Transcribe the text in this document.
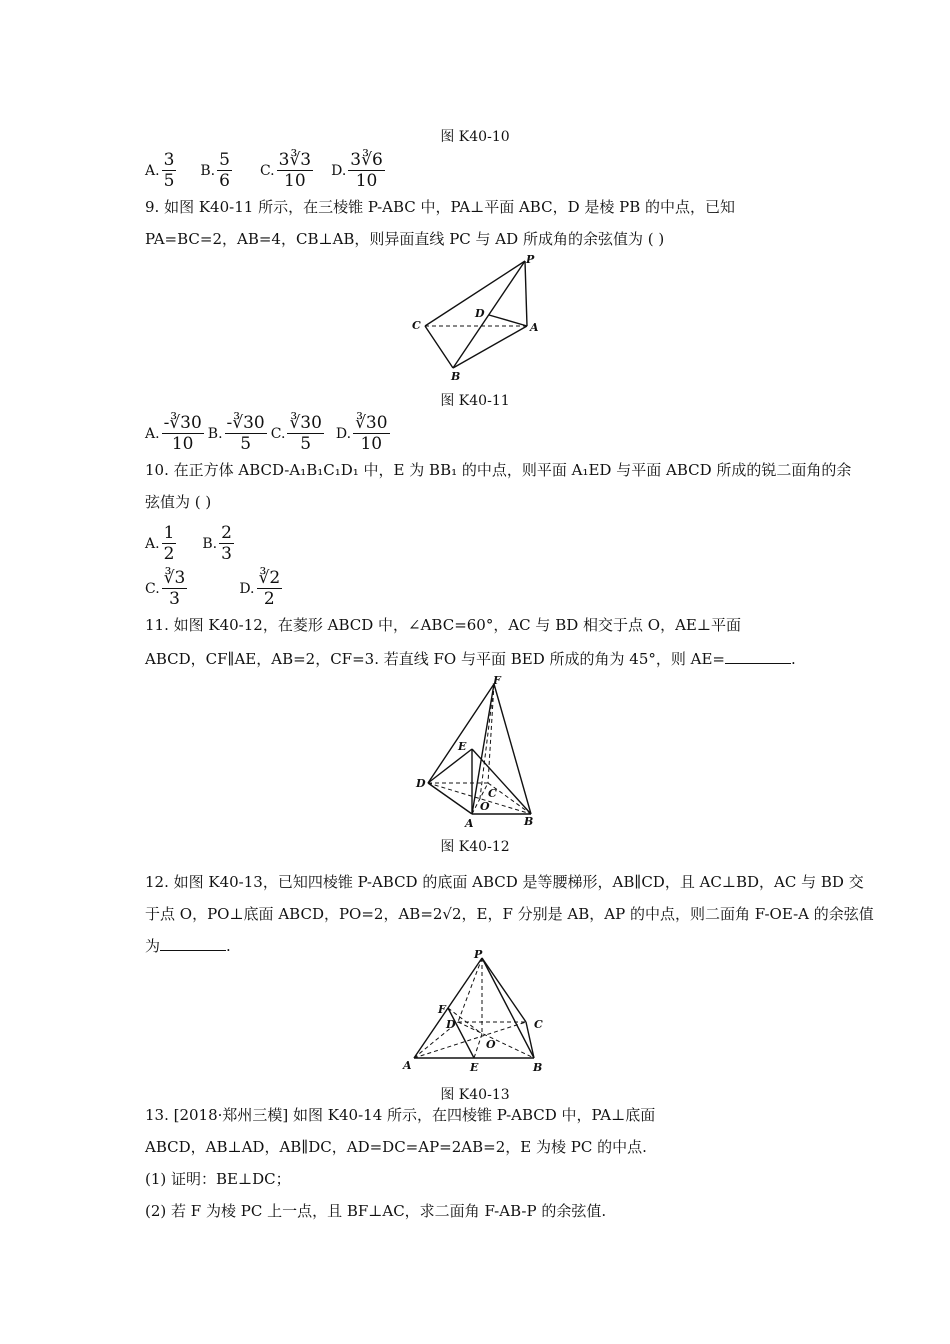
图 K40-10
A. $\frac{3}{5} B$. $\frac{5}{6} C$. $\frac{3∛3}{10} D$. $\frac{3∛6}{10}$
9. 如图 K40-11 所示，在三棱锥 P-ABC 中，PA⊥平面 ABC，D 是棱 PB 的中点，已知
PA=BC=2，AB=4，CB⊥AB，则异面直线 PC 与 AD 所成角的余弦值为 ( )
P
D
C	A
B
图 K40-11
A. $\frac{-∛30}{10} B$. $\frac{-∛30}{5} C$. $\frac{∛30}{5} D$. $\frac{∛30}{10}$
10. 在正方体 ABCD-A₁B₁C₁D₁ 中，E 为 BB₁ 的中点，则平面 A₁ED 与平面 ABCD 所成的锐二面角的余
弦值为 ( )
A. $\frac{1}{2} B$. $\frac{2}{3}$
C. $\frac{∛3}{3}$	D. $\frac{∛2}{2}$
11. 如图 K40-12，在菱形 ABCD 中，∠ABC=60°，AC 与 BD 相交于点 O，AE⊥平面
ABCD，CF∥AE，AB=2，CF=3. 若直线 FO 与平面 BED 所成的角为 45°，则 AE=	.
F
E
D
C
O
A	B
图 K40-12
12. 如图 K40-13，已知四棱锥 P-ABCD 的底面 ABCD 是等腰梯形，AB∥CD，且 AC⊥BD，AC 与 BD 交
于点 O，PO⊥底面 ABCD，PO=2，AB=2√2，E，F 分别是 AB，AP 的中点，则二面角 F-OE-A 的余弦值
为	.	P
F
D	C
O
A	E	B
图 K40-13
13. [2018·郑州三模] 如图 K40-14 所示，在四棱锥 P-ABCD 中，PA⊥底面
ABCD，AB⊥AD，AB∥DC，AD=DC=AP=2AB=2，E 为棱 PC 的中点.
(1) 证明：BE⊥DC；
(2) 若 F 为棱 PC 上一点，且 BF⊥AC，求二面角 F-AB-P 的余弦值.
